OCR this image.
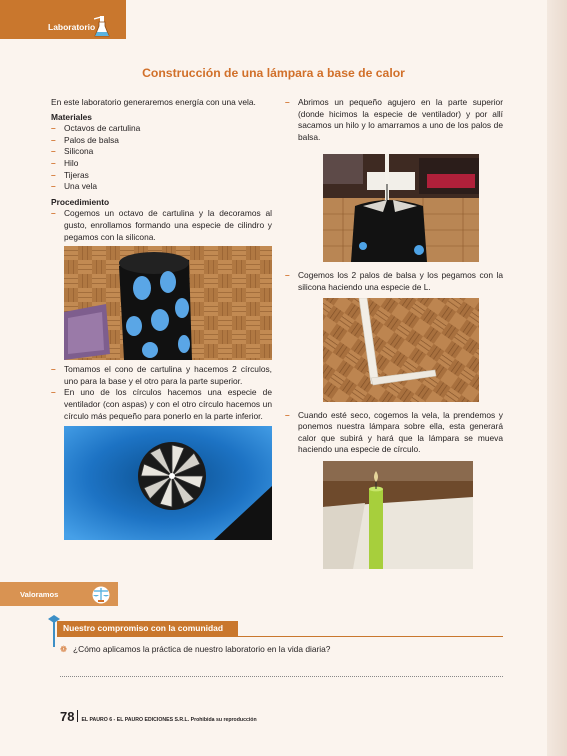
Laboratorio
Construcción de una lámpara a base de calor

En este laboratorio generaremos energía con una vela.

Materiales

– Octavos de cartulina
– Palos de balsa
– Silicona
– Hilo
– Tijeras
– Una vela

Procedimiento

– Cogemos un octavo de cartulina y la decoramos al gusto, enrollamos formando una especie de cilindro y pegamos con la silicona.
– Tomamos el cono de cartulina y hacemos 2 círculos, uno para la base y el otro para la parte superior.
– En uno de los círculos hacemos una especie de ventilador (con aspas) y con el otro círculo hacemos un círculo más pequeño para ponerlo en la parte inferior.
– Abrimos un pequeño agujero en la parte superior (donde hicimos la especie de ventilador) y por allí sacamos un hilo y lo amarramos a uno de los palos de balsa.
– Cogemos los 2 palos de balsa y los pegamos con la silicona haciendo una especie de L.
– Cuando esté seco, cogemos la vela, la prendemos y ponemos nuestra lámpara sobre ella, esta generará calor que subirá y hará que la lámpara se mueva haciendo una especie de círculo.
Valoramos
Nuestro compromiso con la comunidad
❁ ¿Cómo aplicamos la práctica de nuestro laboratorio en la vida diaria?
78 EL PAURO 6 - EL PAURO EDICIONES S.R.L. Prohibida su reproducción
